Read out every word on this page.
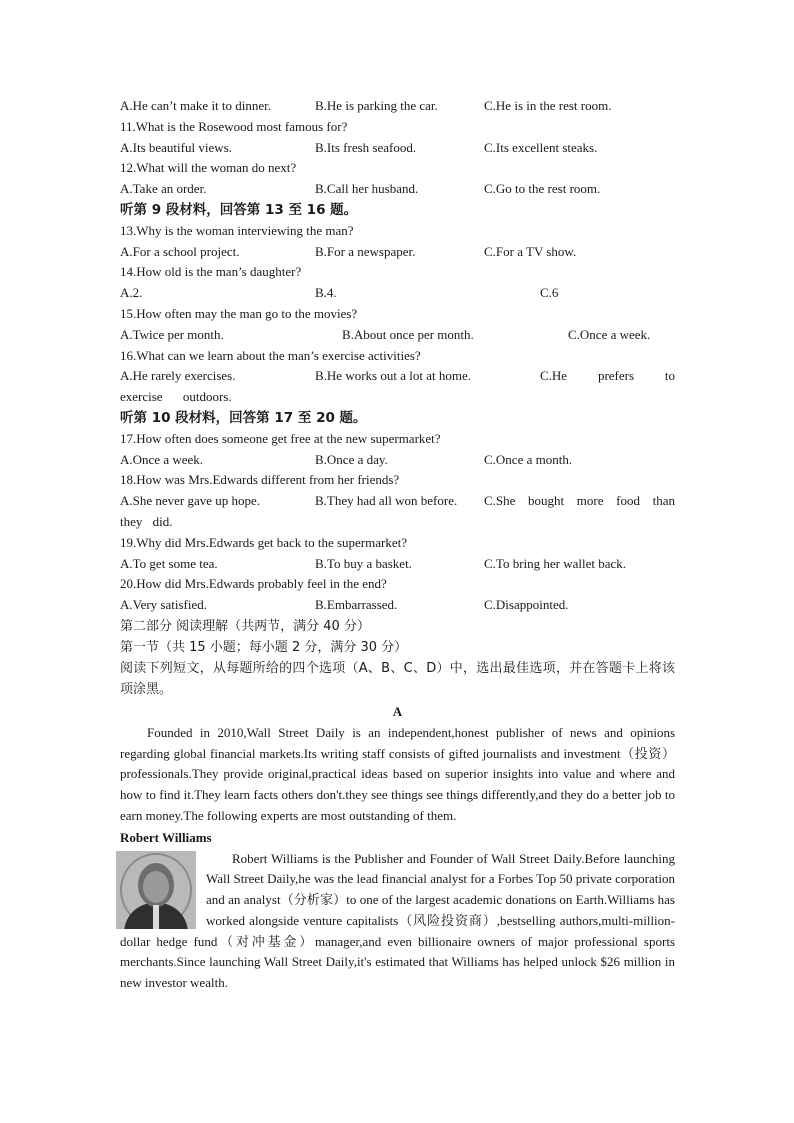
A.He can’t make it to dinner.	B.He is parking the car.	C.He is in the rest room.
11.What is the Rosewood most famous for?
A.Its beautiful views.	B.Its fresh seafood.	C.Its excellent steaks.
12.What will the woman do next?
A.Take an order.	B.Call her husband.	C.Go to the rest room.
听第 9 段材料，回答第 13 至 16 题。
13.Why is the woman interviewing the man?
A.For a school project.	B.For a newspaper.	C.For a TV show.
14.How old is the man’s daughter?
A.2.	B.4.	C.6
15.How often may the man go to the movies?
A.Twice per month.	B.About once per month.	C.Once a week.
16.What can we learn about the man’s exercise activities?
A.He rarely exercises.	B.He works out a lot at home.	C.He prefers to exercise outdoors.
听第 10 段材料，回答第 17 至 20 题。
17.How often does someone get free at the new supermarket?
A.Once a week.	B.Once a day.	C.Once a month.
18.How was Mrs.Edwards different from her friends?
A.She never gave up hope.	B.They had all won before.	C.She bought more food than they did.
19.Why did Mrs.Edwards get back to the supermarket?
A.To get some tea.	B.To buy a basket.	C.To bring her wallet back.
20.How did Mrs.Edwards probably feel in the end?
A.Very satisfied.	B.Embarrassed.	C.Disappointed.
第二部分 阅读理解（共两节，满分 40 分）
第一节（共 15 小题；每小题 2 分，满分 30 分）
阅读下列短文，从每题所给的四个选项（A、B、C、D）中，选出最佳选项，并在答题卡上将该项涂黑。
A
Founded in 2010,Wall Street Daily is an independent,honest publisher of news and opinions regarding global financial markets.Its writing staff consists of gifted journalists and investment（投资）professionals.They provide original,practical ideas based on superior insights into value and where and how to find it.They learn facts others don't.they see things see things differently,and they do a better job to earn money.The following experts are most outstanding of them.
Robert Williams
Robert Williams is the Publisher and Founder of Wall Street Daily.Before launching Wall Street Daily,he was the lead financial analyst for a Forbes Top 50 private corporation and an analyst（分析家）to one of the largest academic donations on Earth.Williams has worked alongside venture capitalists（风险投资商）,bestselling authors,multi-million-dollar hedge fund（对冲基金）manager,and even billionaire owners of major professional sports merchants.Since launching Wall Street Daily,it's estimated that Williams has helped unlock $26 million in new investor wealth.
